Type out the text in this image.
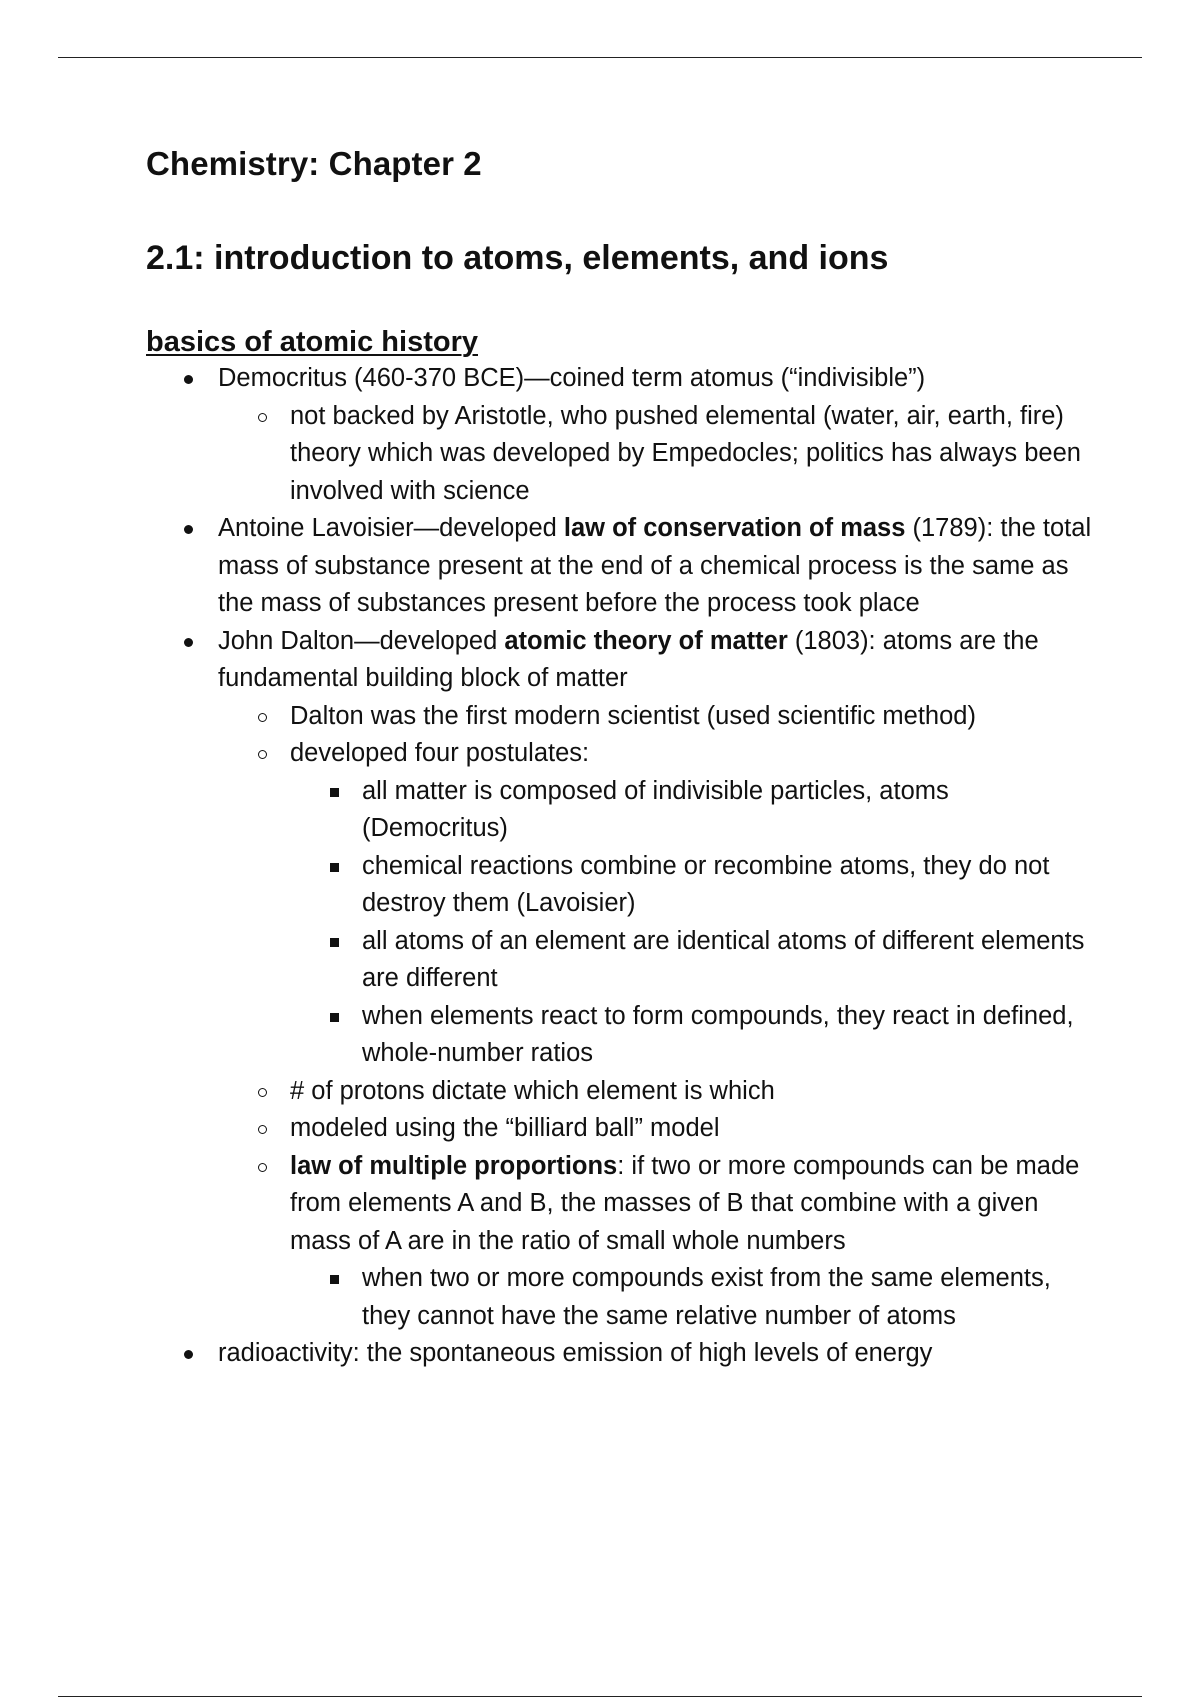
Chemistry: Chapter 2
2.1: introduction to atoms, elements, and ions
basics of atomic history
Democritus (460-370 BCE)—coined term atomus (“indivisible”)
not backed by Aristotle, who pushed elemental (water, air, earth, fire) theory which was developed by Empedocles; politics has always been involved with science
Antoine Lavoisier—developed law of conservation of mass (1789): the total mass of substance present at the end of a chemical process is the same as the mass of substances present before the process took place
John Dalton—developed atomic theory of matter (1803): atoms are the fundamental building block of matter
Dalton was the first modern scientist (used scientific method)
developed four postulates:
all matter is composed of indivisible particles, atoms (Democritus)
chemical reactions combine or recombine atoms, they do not destroy them (Lavoisier)
all atoms of an element are identical atoms of different elements are different
when elements react to form compounds, they react in defined, whole-number ratios
# of protons dictate which element is which
modeled using the “billiard ball” model
law of multiple proportions: if two or more compounds can be made from elements A and B, the masses of B that combine with a given mass of A are in the ratio of small whole numbers
when two or more compounds exist from the same elements, they cannot have the same relative number of atoms
radioactivity: the spontaneous emission of high levels of energy
